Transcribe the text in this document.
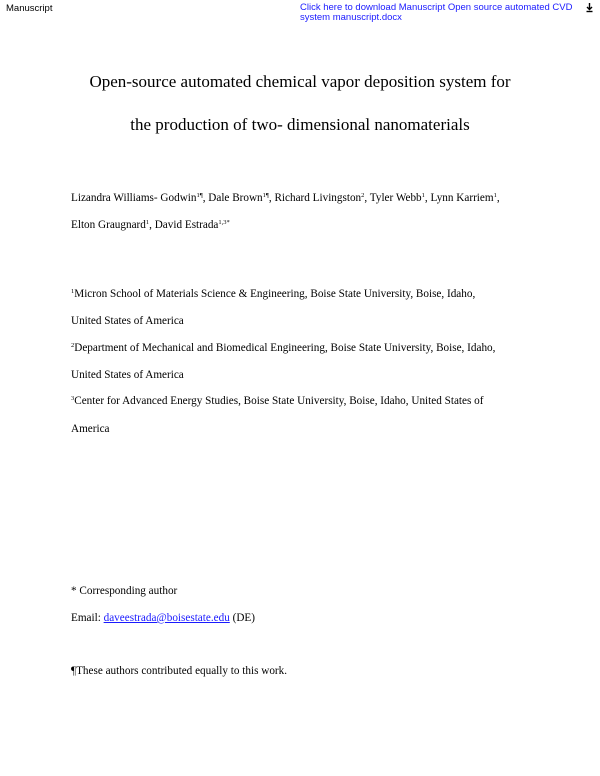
Manuscript	Click here to download Manuscript Open source automated CVD
system manuscript.docx
Open-source automated chemical vapor deposition system for
the production of two- dimensional nanomaterials
Lizandra Williams- Godwin$^{1\P}$, Dale Brown$^{1\P}$, Richard Livingston$^2$, Tyler Webb$^1$, Lynn Karriem$^1$,
Elton Graugnard$^1$, David Estrada$^{1,3*}$
$^1$Micron School of Materials Science & Engineering, Boise State University, Boise, Idaho,
United States of America
$^2$Department of Mechanical and Biomedical Engineering, Boise State University, Boise, Idaho,
United States of America
$^3$Center for Advanced Energy Studies, Boise State University, Boise, Idaho, United States of
America
* Corresponding author
Email: daveestrada@boisestate.edu (DE)
¶These authors contributed equally to this work.
